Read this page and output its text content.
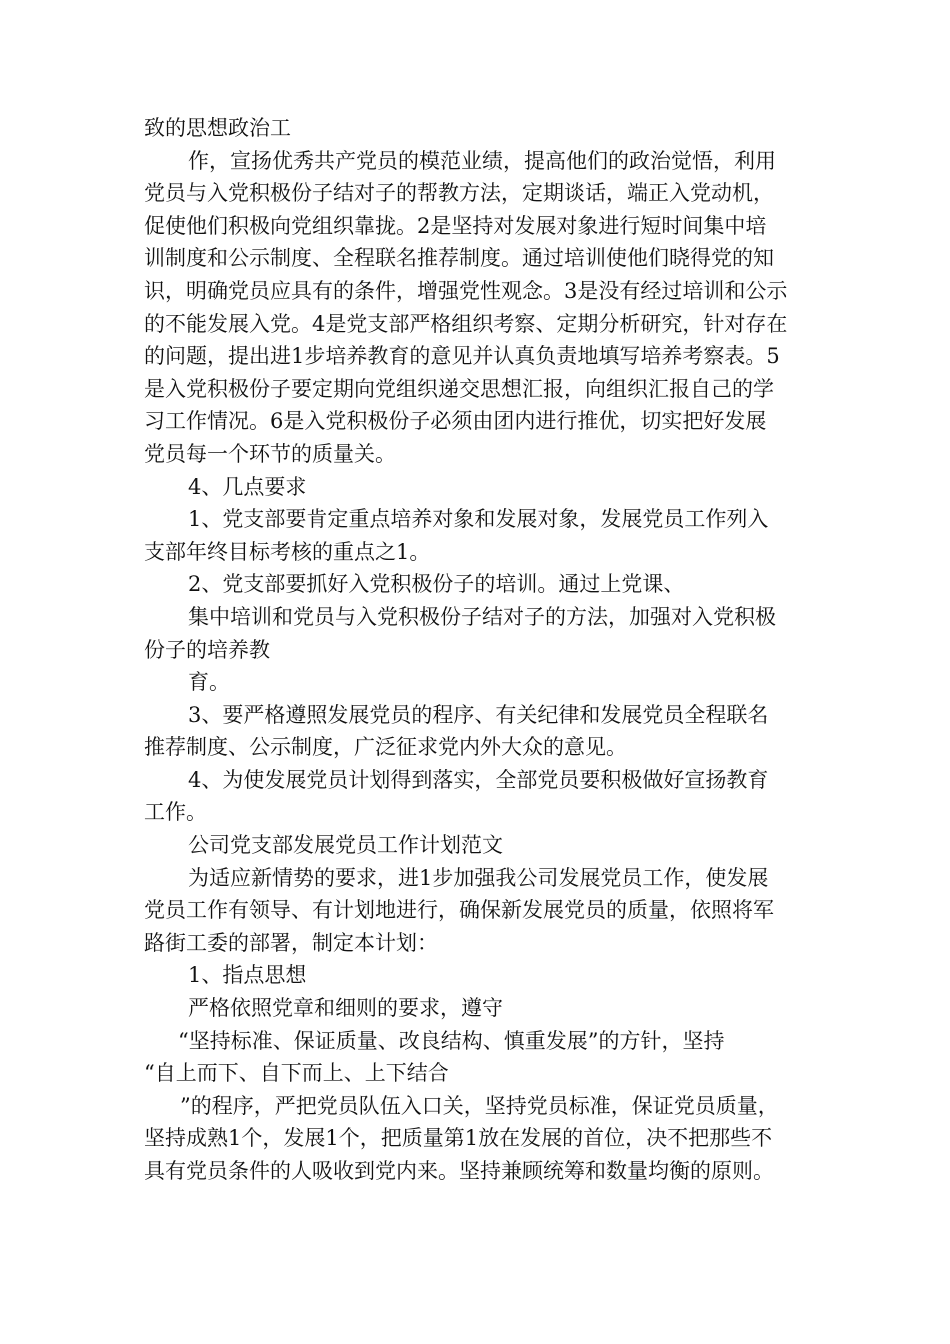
致的思想政治工
作，宣扬优秀共产党员的模范业绩，提高他们的政治觉悟，利用
党员与入党积极份子结对子的帮教方法，定期谈话，端正入党动机，
促使他们积极向党组织靠拢。2是坚持对发展对象进行短时间集中培
训制度和公示制度、全程联名推荐制度。通过培训使他们晓得党的知
识，明确党员应具有的条件，增强党性观念。3是没有经过培训和公示
的不能发展入党。4是党支部严格组织考察、定期分析研究，针对存在
的问题，提出进1步培养教育的意见并认真负责地填写培养考察表。5
是入党积极份子要定期向党组织递交思想汇报，向组织汇报自己的学
习工作情况。6是入党积极份子必须由团内进行推优，切实把好发展
党员每一个环节的质量关。
4、几点要求
1、党支部要肯定重点培养对象和发展对象，发展党员工作列入
支部年终目标考核的重点之1。
2、党支部要抓好入党积极份子的培训。通过上党课、
集中培训和党员与入党积极份子结对子的方法，加强对入党积极
份子的培养教
育。
3、要严格遵照发展党员的程序、有关纪律和发展党员全程联名
推荐制度、公示制度，广泛征求党内外大众的意见。
4、为使发展党员计划得到落实，全部党员要积极做好宣扬教育
工作。
公司党支部发展党员工作计划范文
为适应新情势的要求，进1步加强我公司发展党员工作，使发展
党员工作有领导、有计划地进行，确保新发展党员的质量，依照将军
路街工委的部署，制定本计划：
1、指点思想
严格依照党章和细则的要求，遵守
“坚持标准、保证质量、改良结构、慎重发展”的方针，坚持
“自上而下、自下而上、上下结合
”的程序，严把党员队伍入口关，坚持党员标准，保证党员质量，
坚持成熟1个，发展1个，把质量第1放在发展的首位，决不把那些不
具有党员条件的人吸收到党内来。坚持兼顾统筹和数量均衡的原则。
